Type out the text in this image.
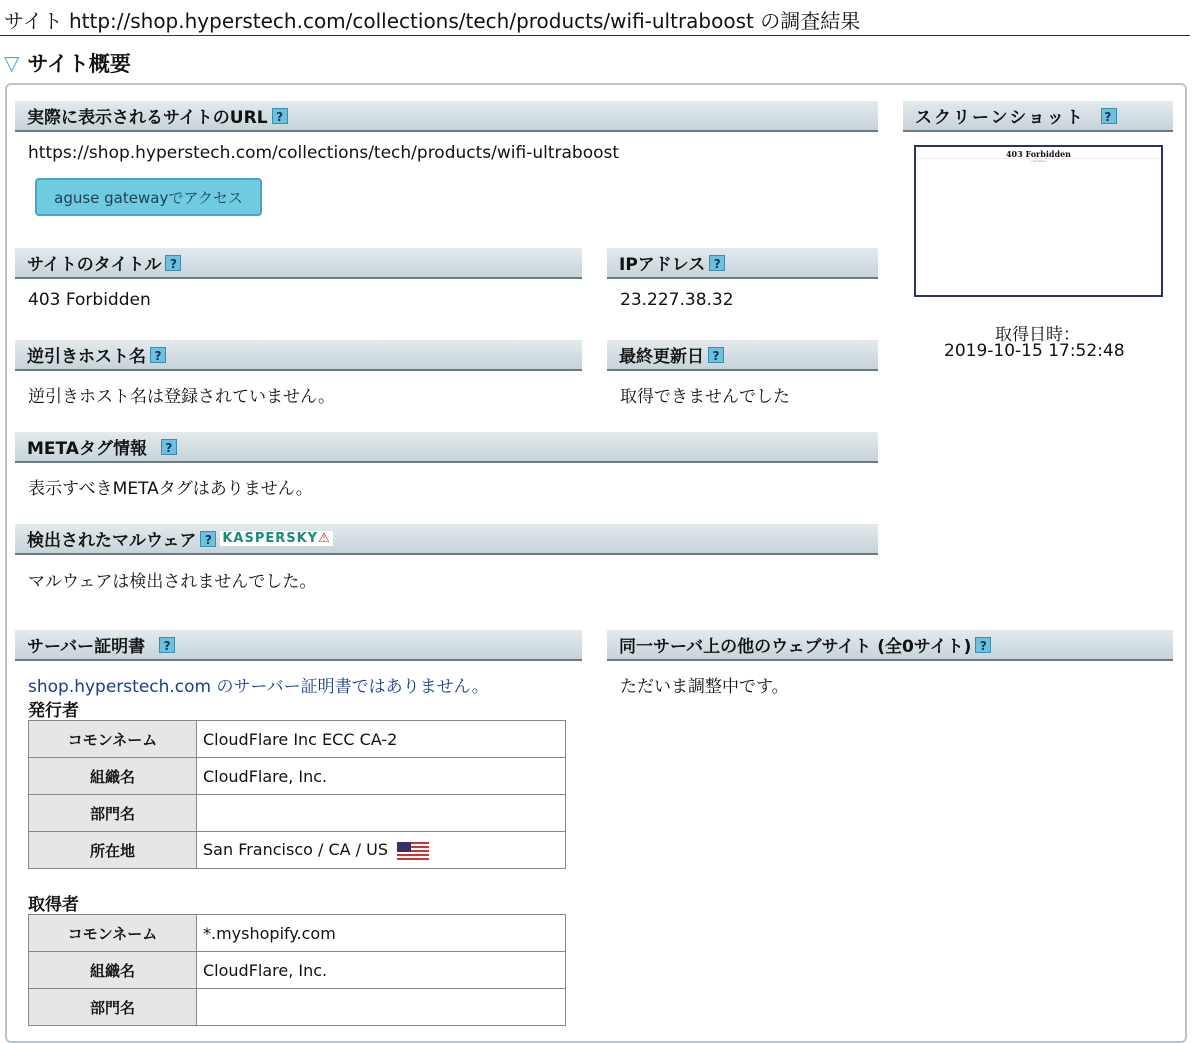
サイト http://shop.hyperstech.com/collections/tech/products/wifi-ultraboost の調査結果
▽ サイト概要
実際に表示されるサイトのURL ?
https://shop.hyperstech.com/collections/tech/products/wifi-ultraboost
aguse gatewayでアクセス
スクリーンショット
?
403 Forbidden
cloudflare
取得日時：
2019-10-15 17:52:48
サイトのタイトル ?
403 Forbidden
IPアドレス ?
23.227.38.32
逆引きホスト名 ?
逆引きホスト名は登録されていません。
最終更新日 ?
取得できませんでした
METAタグ情報
	?
表示すべきMETAタグはありません。
検出されたマルウェア ? KASPERSKY⚠
マルウェアは検出されませんでした。
サーバー証明書
	?
shop.hyperstech.com のサーバー証明書ではありません。
発行者
コモンネーム	CloudFlare Inc ECC CA-2
組織名	CloudFlare, Inc.
部門名	
所在地	San Francisco / CA / US
取得者
コモンネーム	*.myshopify.com
組織名	CloudFlare, Inc.
部門名	
同一サーバ上の他のウェブサイト (全0サイト) ?
ただいま調整中です。
